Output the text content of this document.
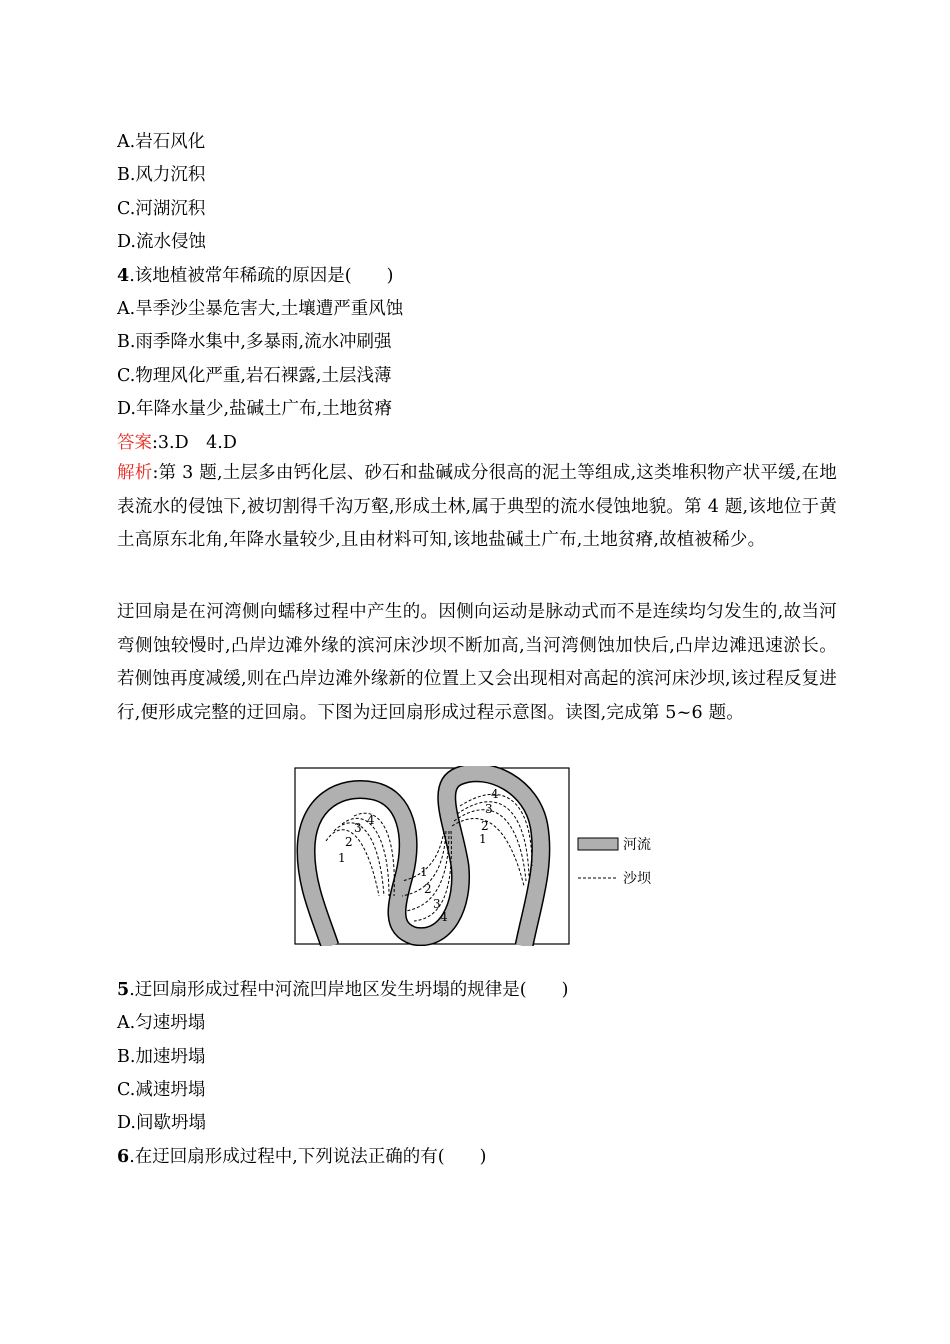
A.岩石风化
B.风力沉积
C.河湖沉积
D.流水侵蚀
4.该地植被常年稀疏的原因是(　　)
A.旱季沙尘暴危害大,土壤遭严重风蚀
B.雨季降水集中,多暴雨,流水冲刷强
C.物理风化严重,岩石裸露,土层浅薄
D.年降水量少,盐碱土广布,土地贫瘠
答案:3.D　4.D
解析:第 3 题,土层多由钙化层、砂石和盐碱成分很高的泥土等组成,这类堆积物产状平缓,在地表流水的侵蚀下,被切割得千沟万壑,形成土林,属于典型的流水侵蚀地貌。第 4 题,该地位于黄土高原东北角,年降水量较少,且由材料可知,该地盐碱土广布,土地贫瘠,故植被稀少。
迂回扇是在河湾侧向蠕移过程中产生的。因侧向运动是脉动式而不是连续均匀发生的,故当河弯侧蚀较慢时,凸岸边滩外缘的滨河床沙坝不断加高,当河湾侧蚀加快后,凸岸边滩迅速淤长。若侧蚀再度减缓,则在凸岸边滩外缘新的位置上又会出现相对高起的滨河床沙坝,该过程反复进行,便形成完整的迂回扇。下图为迂回扇形成过程示意图。读图,完成第 5~6 题。
1
2
3
4
1
2
3
4
1
2
3
4
河流
沙坝
5.迂回扇形成过程中河流凹岸地区发生坍塌的规律是(　　)
A.匀速坍塌
B.加速坍塌
C.减速坍塌
D.间歇坍塌
6.在迂回扇形成过程中,下列说法正确的有(　　)
